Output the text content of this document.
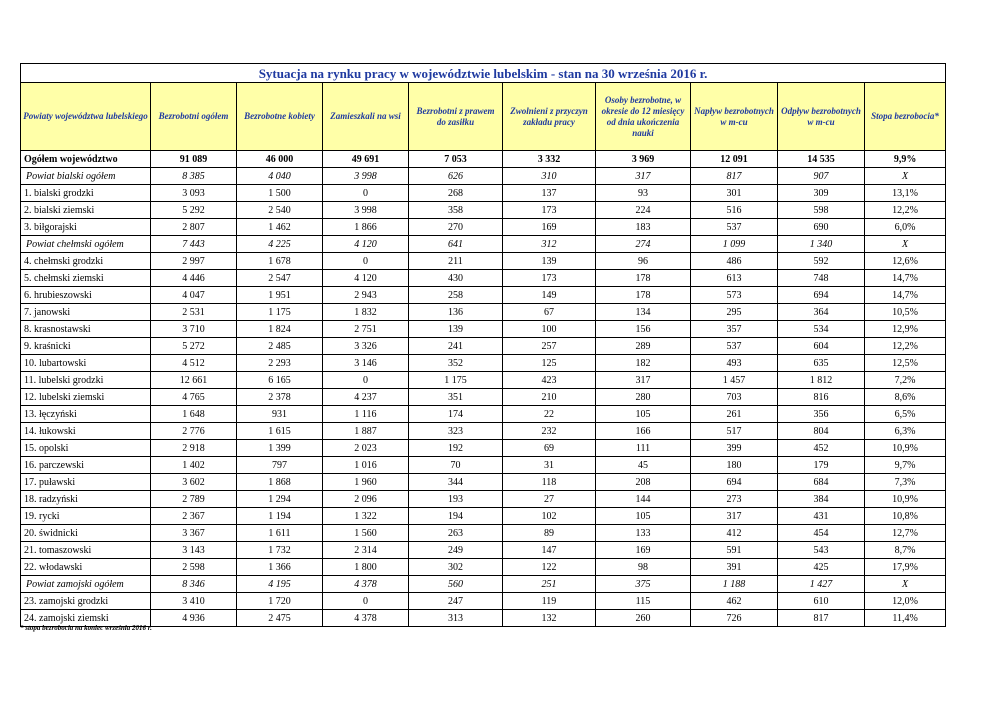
Sytuacja na rynku pracy w województwie lubelskim - stan na 30 września 2016 r.									
Powiaty województwa lubelskiego	Bezrobotni ogółem	Bezrobotne kobiety	Zamieszkali na wsi	Bezrobotni z prawem do zasiłku	Zwolnieni z przyczyn zakładu pracy	Osoby bezrobotne, w okresie do 12 miesięcy od dnia ukończenia nauki	Napływ bezrobotnych w m-cu	Odpływ bezrobotnych w m-cu	Stopa bezrobocia*
Ogółem województwo	91 089	46 000	49 691	7 053	3 332	3 969	12 091	14 535	9,9%
Powiat bialski ogółem	8 385	4 040	3 998	626	310	317	817	907	X
1. bialski grodzki	3 093	1 500	0	268	137	93	301	309	13,1%
2. bialski ziemski	5 292	2 540	3 998	358	173	224	516	598	12,2%
3. biłgorajski	2 807	1 462	1 866	270	169	183	537	690	6,0%
Powiat chełmski ogółem	7 443	4 225	4 120	641	312	274	1 099	1 340	X
4. chełmski grodzki	2 997	1 678	0	211	139	96	486	592	12,6%
5. chełmski ziemski	4 446	2 547	4 120	430	173	178	613	748	14,7%
6. hrubieszowski	4 047	1 951	2 943	258	149	178	573	694	14,7%
7. janowski	2 531	1 175	1 832	136	67	134	295	364	10,5%
8. krasnostawski	3 710	1 824	2 751	139	100	156	357	534	12,9%
9. kraśnicki	5 272	2 485	3 326	241	257	289	537	604	12,2%
10. lubartowski	4 512	2 293	3 146	352	125	182	493	635	12,5%
11. lubelski grodzki	12 661	6 165	0	1 175	423	317	1 457	1 812	7,2%
12. lubelski ziemski	4 765	2 378	4 237	351	210	280	703	816	8,6%
13. łęczyński	1 648	931	1 116	174	22	105	261	356	6,5%
14. łukowski	2 776	1 615	1 887	323	232	166	517	804	6,3%
15. opolski	2 918	1 399	2 023	192	69	111	399	452	10,9%
16. parczewski	1 402	797	1 016	70	31	45	180	179	9,7%
17. puławski	3 602	1 868	1 960	344	118	208	694	684	7,3%
18. radzyński	2 789	1 294	2 096	193	27	144	273	384	10,9%
19. rycki	2 367	1 194	1 322	194	102	105	317	431	10,8%
20. świdnicki	3 367	1 611	1 560	263	89	133	412	454	12,7%
21. tomaszowski	3 143	1 732	2 314	249	147	169	591	543	8,7%
22. włodawski	2 598	1 366	1 800	302	122	98	391	425	17,9%
Powiat zamojski ogółem	8 346	4 195	4 378	560	251	375	1 188	1 427	X
23. zamojski grodzki	3 410	1 720	0	247	119	115	462	610	12,0%
24. zamojski ziemski	4 936	2 475	4 378	313	132	260	726	817	11,4%
* stopa bezrobocia na koniec września 2016 r.
